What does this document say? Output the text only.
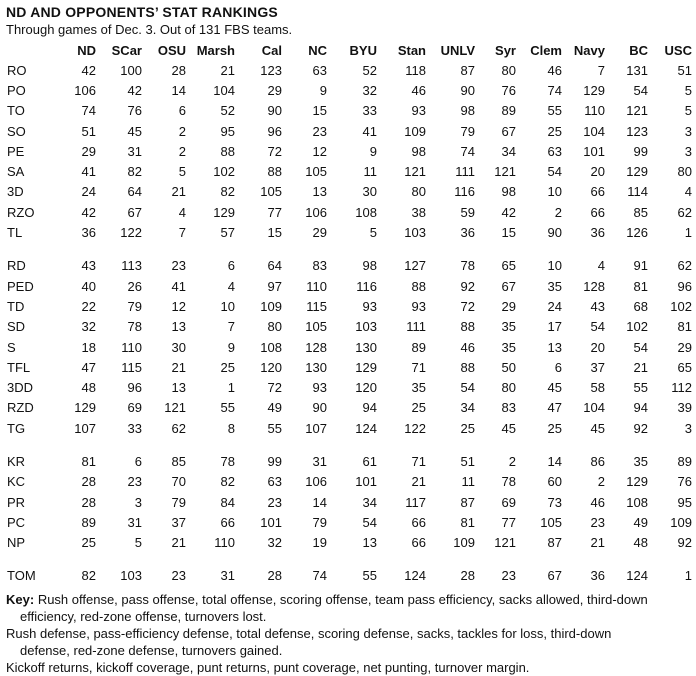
ND AND OPPONENTS’ STAT RANKINGS
Through games of Dec. 3. Out of 131 FBS teams.
	ND	SCar	OSU	Marsh	Cal	NC	BYU	Stan	UNLV	Syr	Clem	Navy	BC	USC
RO	42	100	28	21	123	63	52	118	87	80	46	7	131	51
PO	106	42	14	104	29	9	32	46	90	76	74	129	54	5
TO	74	76	6	52	90	15	33	93	98	89	55	110	121	5
SO	51	45	2	95	96	23	41	109	79	67	25	104	123	3
PE	29	31	2	88	72	12	9	98	74	34	63	101	99	3
SA	41	82	5	102	88	105	11	121	111	121	54	20	129	80
3D	24	64	21	82	105	13	30	80	116	98	10	66	114	4
RZO	42	67	4	129	77	106	108	38	59	42	2	66	85	62
TL	36	122	7	57	15	29	5	103	36	15	90	36	126	1

RD	43	113	23	6	64	83	98	127	78	65	10	4	91	62
PED	40	26	41	4	97	110	116	88	92	67	35	128	81	96
TD	22	79	12	10	109	115	93	93	72	29	24	43	68	102
SD	32	78	13	7	80	105	103	111	88	35	17	54	102	81
S	18	110	30	9	108	128	130	89	46	35	13	20	54	29
TFL	47	115	21	25	120	130	129	71	88	50	6	37	21	65
3DD	48	96	13	1	72	93	120	35	54	80	45	58	55	112
RZD	129	69	121	55	49	90	94	25	34	83	47	104	94	39
TG	107	33	62	8	55	107	124	122	25	45	25	45	92	3

KR	81	6	85	78	99	31	61	71	51	2	14	86	35	89
KC	28	23	70	82	63	106	101	21	11	78	60	2	129	76
PR	28	3	79	84	23	14	34	117	87	69	73	46	108	95
PC	89	31	37	66	101	79	54	66	81	77	105	23	49	109
NP	25	5	21	110	32	19	13	66	109	121	87	21	48	92

TOM	82	103	23	31	28	74	55	124	28	23	67	36	124	1

Key: Rush offense, pass offense, total offense, scoring offense, team pass efficiency, sacks allowed, third-down efficiency, red-zone offense, turnovers lost.

Rush defense, pass-efficiency defense, total defense, scoring defense, sacks, tackles for loss, third-down defense, red-zone defense, turnovers gained.

Kickoff returns, kickoff coverage, punt returns, punt coverage, net punting, turnover margin.
